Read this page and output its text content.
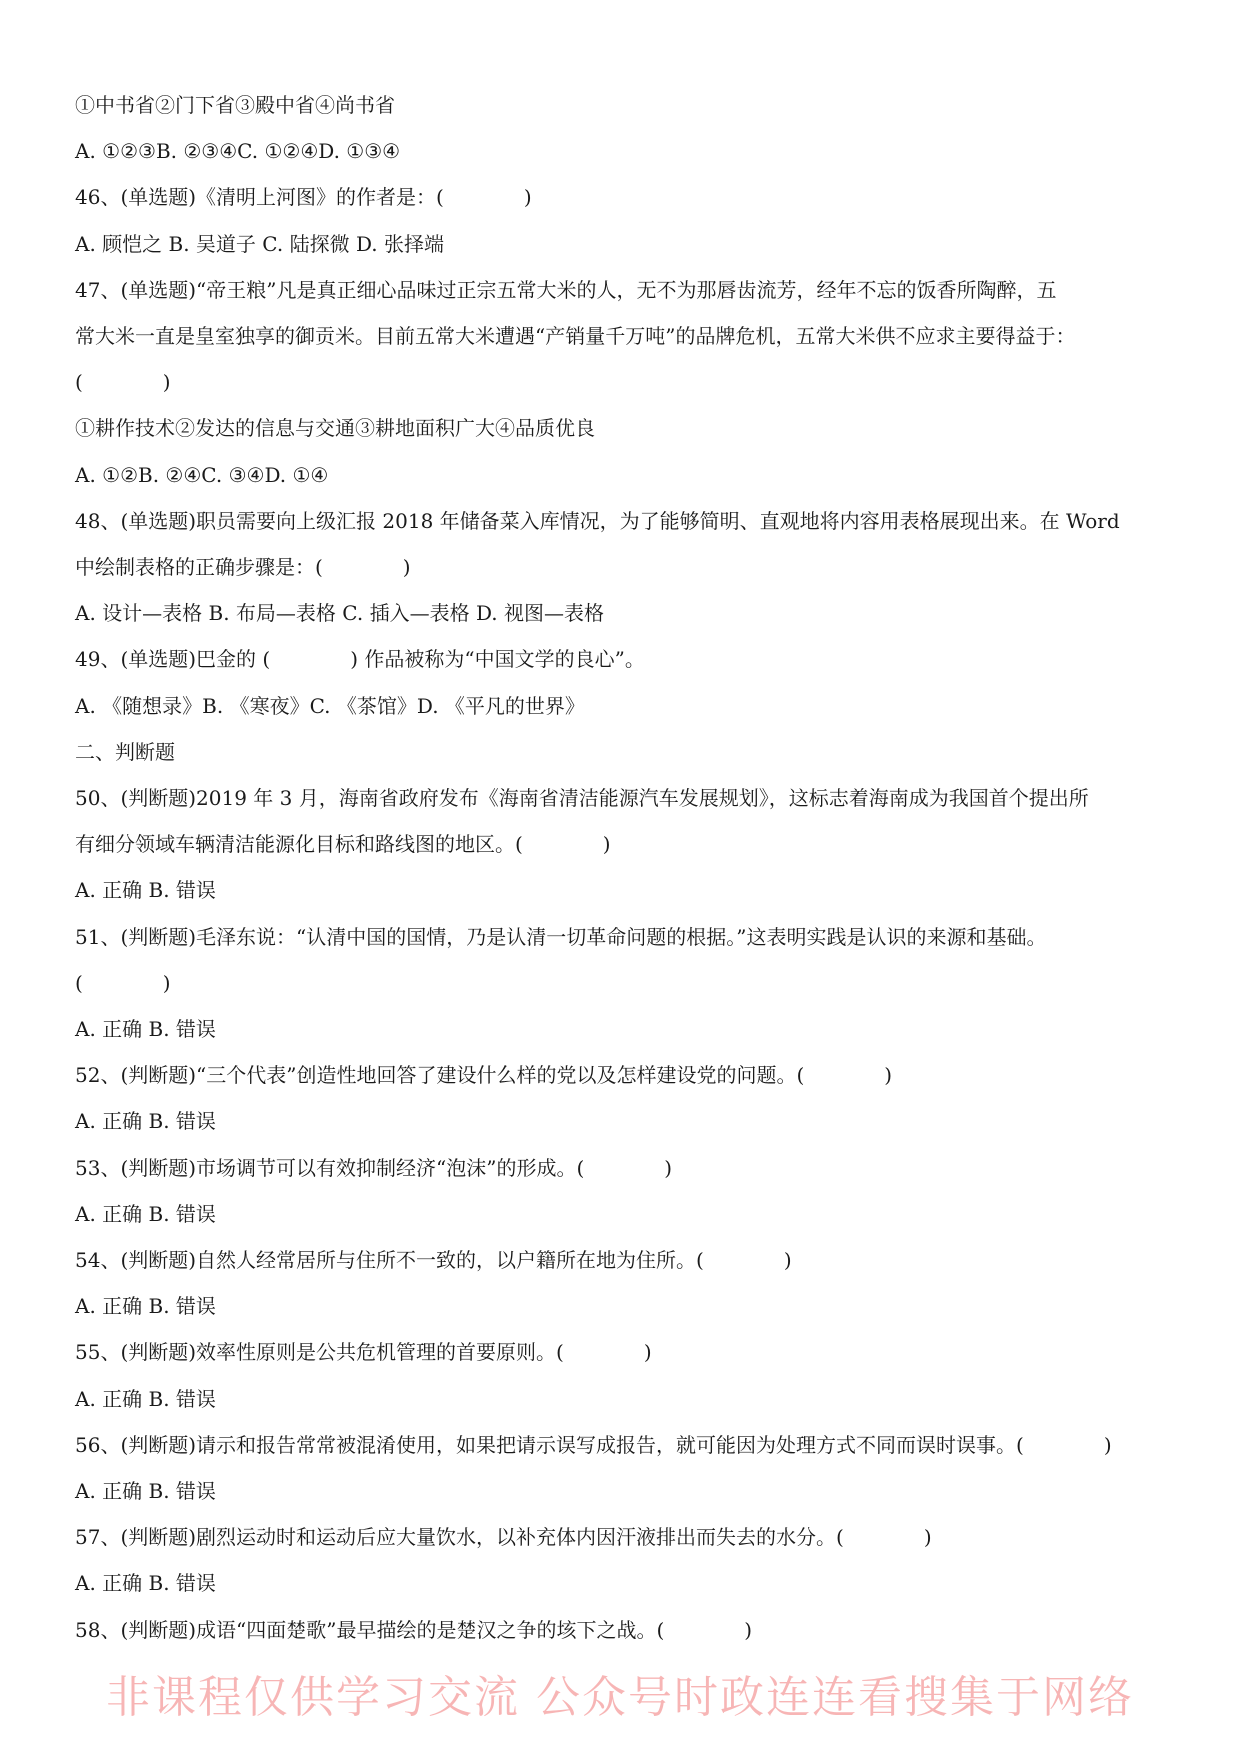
①中书省②门下省③殿中省④尚书省
A. ①②③B. ②③④C. ①②④D. ①③④
46、(单选题)《清明上河图》的作者是：(　　　　)
A. 顾恺之 B. 吴道子 C. 陆探微 D. 张择端
47、(单选题)“帝王粮”凡是真正细心品味过正宗五常大米的人，无不为那唇齿流芳，经年不忘的饭香所陶醉，五
常大米一直是皇室独享的御贡米。目前五常大米遭遇“产销量千万吨”的品牌危机，五常大米供不应求主要得益于：
(　　　　)
①耕作技术②发达的信息与交通③耕地面积广大④品质优良
A. ①②B. ②④C. ③④D. ①④
48、(单选题)职员需要向上级汇报 2018 年储备菜入库情况，为了能够简明、直观地将内容用表格展现出来。在 Word
中绘制表格的正确步骤是：(　　　　)
A. 设计—表格 B. 布局—表格 C. 插入—表格 D. 视图—表格
49、(单选题)巴金的 (　　　　) 作品被称为“中国文学的良心”。
A. 《随想录》B. 《寒夜》C. 《茶馆》D. 《平凡的世界》
二、判断题
50、(判断题)2019 年 3 月，海南省政府发布《海南省清洁能源汽车发展规划》，这标志着海南成为我国首个提出所
有细分领域车辆清洁能源化目标和路线图的地区。(　　　　)
A. 正确 B. 错误
51、(判断题)毛泽东说：“认清中国的国情，乃是认清一切革命问题的根据。”这表明实践是认识的来源和基础。
(　　　　)
A. 正确 B. 错误
52、(判断题)“三个代表”创造性地回答了建设什么样的党以及怎样建设党的问题。(　　　　)
A. 正确 B. 错误
53、(判断题)市场调节可以有效抑制经济“泡沫”的形成。(　　　　)
A. 正确 B. 错误
54、(判断题)自然人经常居所与住所不一致的，以户籍所在地为住所。(　　　　)
A. 正确 B. 错误
55、(判断题)效率性原则是公共危机管理的首要原则。(　　　　)
A. 正确 B. 错误
56、(判断题)请示和报告常常被混淆使用，如果把请示误写成报告，就可能因为处理方式不同而误时误事。(　　　　)
A. 正确 B. 错误
57、(判断题)剧烈运动时和运动后应大量饮水，以补充体内因汗液排出而失去的水分。(　　　　)
A. 正确 B. 错误
58、(判断题)成语“四面楚歌”最早描绘的是楚汉之争的垓下之战。(　　　　)
非课程仅供学习交流 公众号时政连连看搜集于网络
